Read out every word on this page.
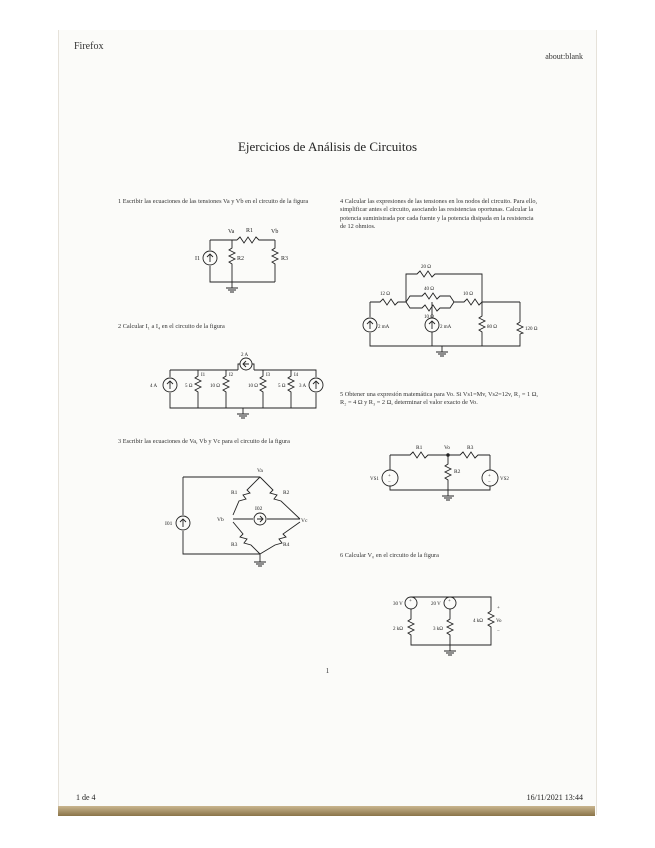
Firefox
about:blank
Ejercicios de Análisis de Circuitos
1 Escribir las ecuaciones de las tensiones Va y Vb en el circuito de la figura
2 Calcular I₁ a I₄ en el circuito de la figura
3 Escribir las ecuaciones de Va, Vb y Vc para el circuito de la figura
4 Calcular las expresiones de las tensiones en los nodos del circuito. Para ello, simplificar antes el circuito, asociando las resistencias oportunas. Calcular la potencia suministrada por cada fuente y la potencia disipada en la resistencia de 12 ohmios.
5 Obtener una expresión matemática para Vo. Si Vs1=Mv, Vs2=12v, R₁ = 1 Ω, R₂ = 4 Ω y R₃ = 2 Ω, determinar el valor exacto de Vo.
6 Calcular V₀ en el circuito de la figura
Va R1	Vb
R2	R3
I1
2 A
4 A	3 A
5 Ω	10 Ω	10 Ω	5 Ω
I1	I2	I3	I4
Va
Vb	Vc
R1	R2
R3	R4
I01
I02
20 Ω
40 Ω
12 Ω
10 Ω
10 Ω
80 Ω	120 Ω
2 mA	2 mA
+
−
+
−
R1	Vo	R3
R2
VS1	VS2
+	+
+
−
30 V	20 V
2 kΩ	3 kΩ
4 kΩ	Vo
1
1 de 4	16/11/2021 13:44
